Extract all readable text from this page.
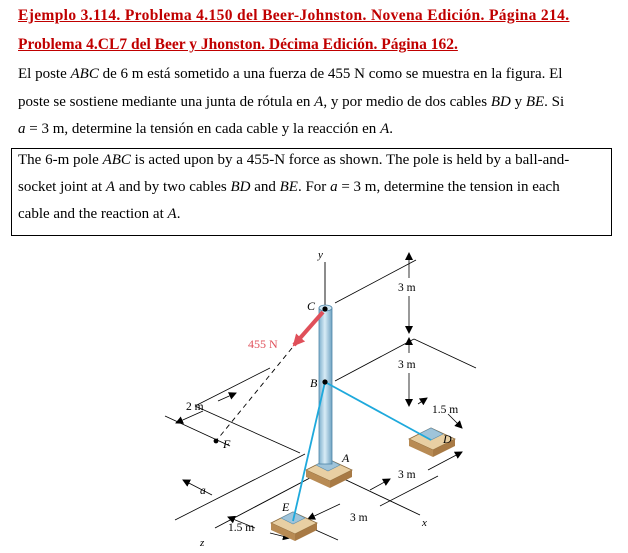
Ejemplo 3.114. Problema 4.150 del Beer-Johnston. Novena Edición. Página 214.
Problema 4.CL7 del Beer y Jhonston. Décima Edición. Página 162.
El poste ABC de 6 m está sometido a una fuerza de 455 N como se muestra en la figura. El
poste se sostiene mediante una junta de rótula en A, y por medio de dos cables BD y BE. Si
a = 3 m, determine la tensión en cada cable y la reacción en A.
The 6-m pole ABC is acted upon by a 455-N force as shown. The pole is held by a ball-and-
socket joint at A and by two cables BD and BE. For a = 3 m, determine the tension in each
cable and the reaction at A.
y
x
z
455 N
C
B
A
D
E
F
3 m
3 m
1.5 m
3 m
3 m
1.5 m
2 m
a
